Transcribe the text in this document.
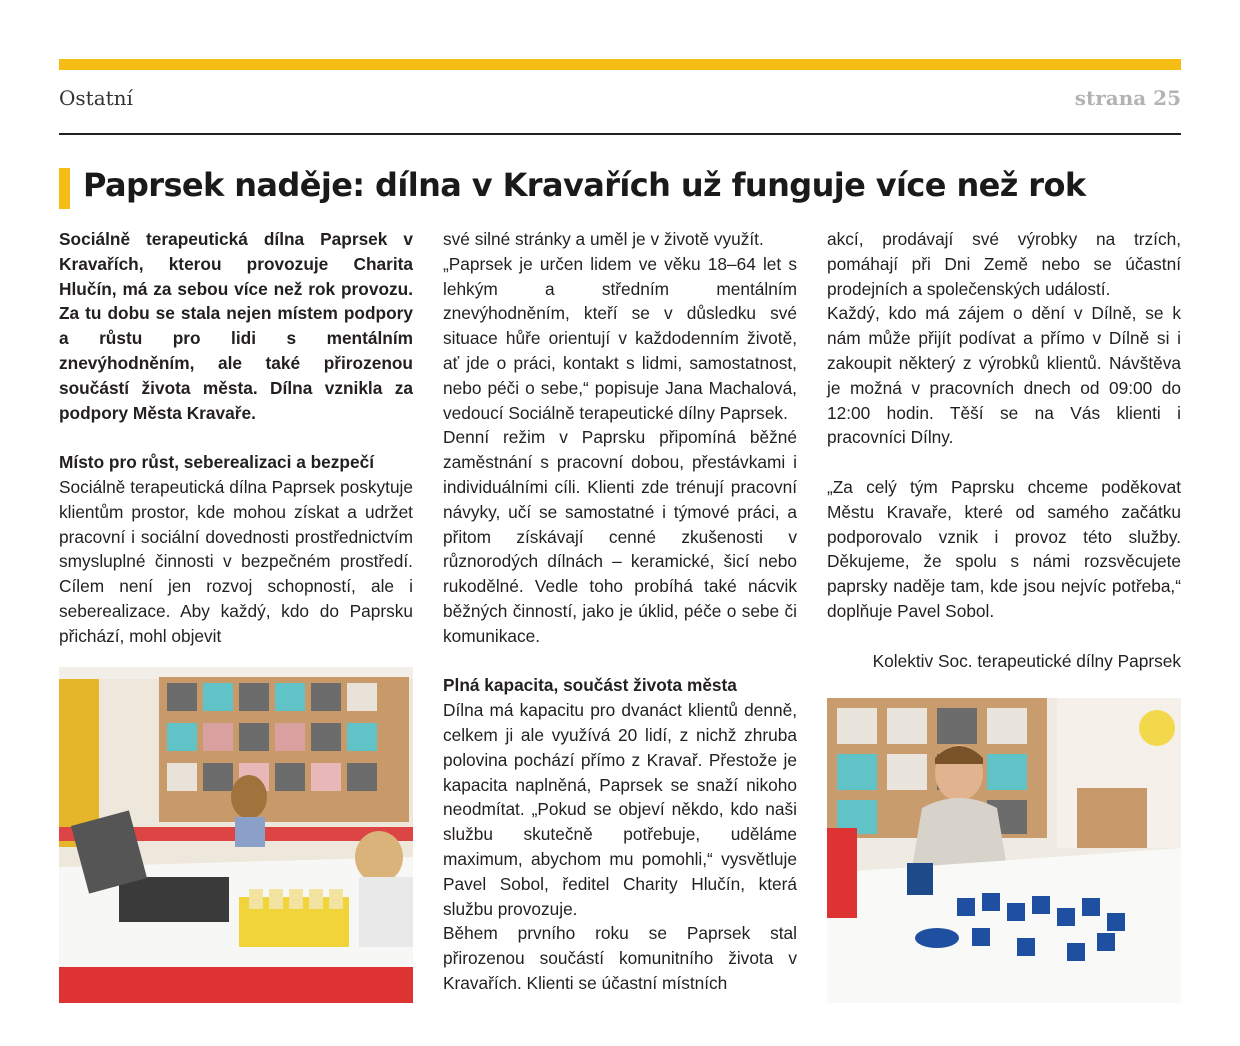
Ostatní	strana 25
Paprsek naděje: dílna v Kravařích už funguje více než rok

Sociálně terapeutická dílna Paprsek v Kravařích, kterou provozuje Charita Hlučín, má za sebou více než rok provozu. Za tu dobu se stala nejen místem podpory a růstu pro lidi s mentálním znevýhodněním, ale také přirozenou součástí života města. Dílna vznikla za podpory Města Kravaře.

Místo pro růst, seberealizaci a bezpečí

Sociálně terapeutická dílna Paprsek poskytuje klientům prostor, kde mohou získat a udržet pracovní i sociální dovednosti prostřednictvím smysluplné činnosti v bezpečném prostředí. Cílem není jen rozvoj schopností, ale i seberealizace. Aby každý, kdo do Paprsku přichází, mohl objevit

své silné stránky a uměl je v životě využít.

„Paprsek je určen lidem ve věku 18–64 let s lehkým a středním mentálním znevýhodněním, kteří se v důsledku své situace hůře orientují v každodenním životě, ať jde o práci, kontakt s lidmi, samostatnost, nebo péči o sebe,“ popisuje Jana Machalová, vedoucí Sociálně terapeutické dílny Paprsek.

Denní režim v Paprsku připomíná běžné zaměstnání s pracovní dobou, přestávkami i individuálními cíli. Klienti zde trénují pracovní návyky, učí se samostatné i týmové práci, a přitom získávají cenné zkušenosti v různorodých dílnách – keramické, šicí nebo rukodělné. Vedle toho probíhá také nácvik běžných činností, jako je úklid, péče o sebe či komunikace.

Plná kapacita, součást života města

Dílna má kapacitu pro dvanáct klientů denně, celkem ji ale využívá 20 lidí, z nichž zhruba polovina pochází přímo z Kravař. Přestože je kapacita naplněná, Paprsek se snaží nikoho neodmítat. „Pokud se objeví někdo, kdo naši službu skutečně potřebuje, uděláme maximum, abychom mu pomohli,“ vysvětluje Pavel Sobol, ředitel Charity Hlučín, která službu provozuje.

Během prvního roku se Paprsek stal přirozenou součástí komunitního života v Kravařích. Klienti se účastní místních

akcí, prodávají své výrobky na trzích, pomáhají při Dni Země nebo se účastní prodejních a společenských událostí.

Každý, kdo má zájem o dění v Dílně, se k nám může přijít podívat a přímo v Dílně si i zakoupit některý z výrobků klientů. Návštěva je možná v pracovních dnech od 09:00 do 12:00 hodin. Těší se na Vás klienti i pracovníci Dílny.

„Za celý tým Paprsku chceme poděkovat Městu Kravaře, které od samého začátku podporovalo vznik i provoz této služby. Děkujeme, že spolu s námi rozsvěcujete paprsky naděje tam, kde jsou nejvíc potřeba,“ doplňuje Pavel Sobol.

Kolektiv Soc. terapeutické dílny Paprsek
